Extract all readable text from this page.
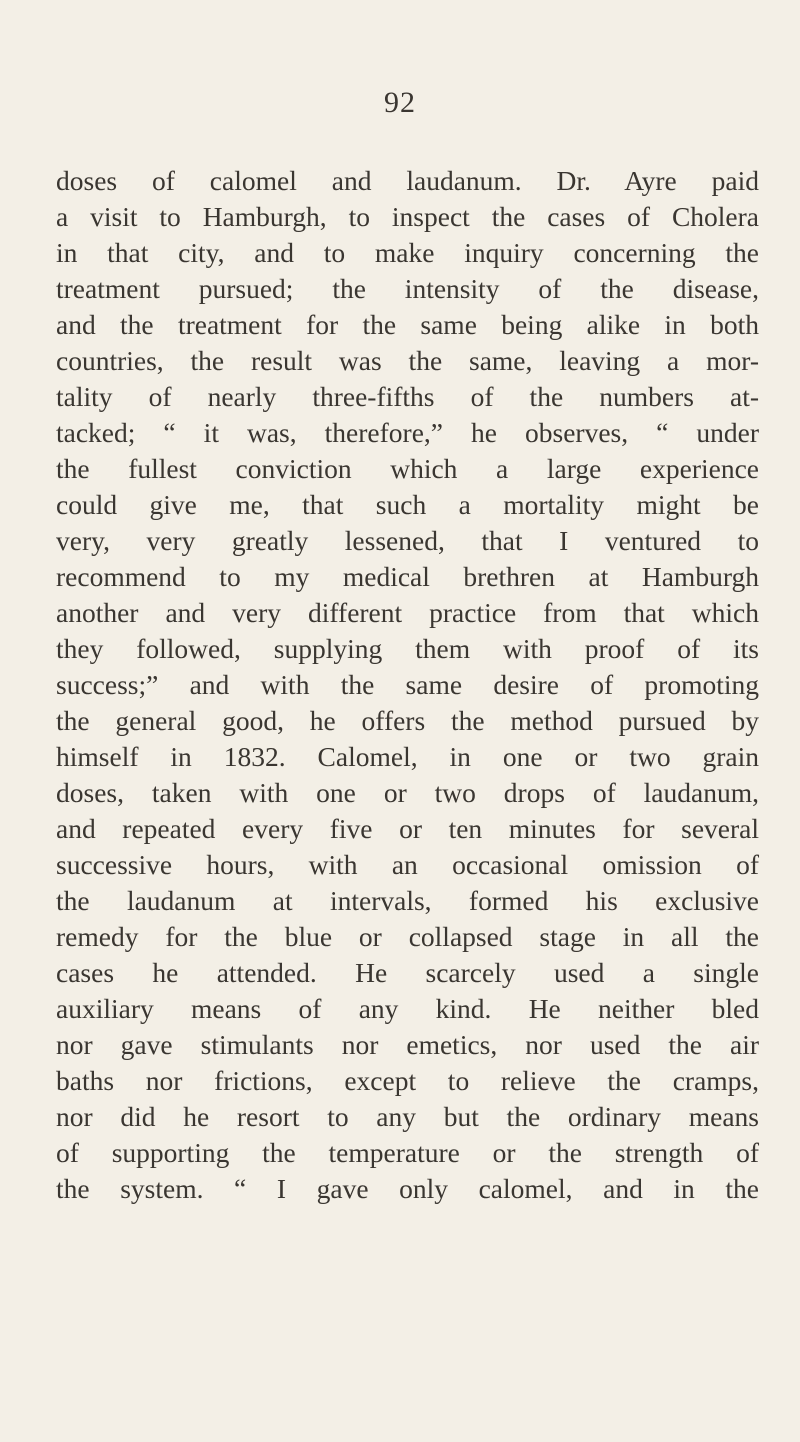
92
doses of calomel and laudanum. Dr. Ayre paid
a visit to Hamburgh, to inspect the cases of Cholera
in that city, and to make inquiry concerning the
treatment pursued; the intensity of the disease,
and the treatment for the same being alike in both
countries, the result was the same, leaving a mor-
tality of nearly three-fifths of the numbers at-
tacked; “ it was, therefore,” he observes, “ under
the fullest conviction which a large experience
could give me, that such a mortality might be
very, very greatly lessened, that I ventured to
recommend to my medical brethren at Hamburgh
another and very different practice from that which
they followed, supplying them with proof of its
success;” and with the same desire of promoting
the general good, he offers the method pursued by
himself in 1832. Calomel, in one or two grain
doses, taken with one or two drops of laudanum,
and repeated every five or ten minutes for several
successive hours, with an occasional omission of
the laudanum at intervals, formed his exclusive
remedy for the blue or collapsed stage in all the
cases he attended. He scarcely used a single
auxiliary means of any kind. He neither bled
nor gave stimulants nor emetics, nor used the air
baths nor frictions, except to relieve the cramps,
nor did he resort to any but the ordinary means
of supporting the temperature or the strength of
the system. “ I gave only calomel, and in the
